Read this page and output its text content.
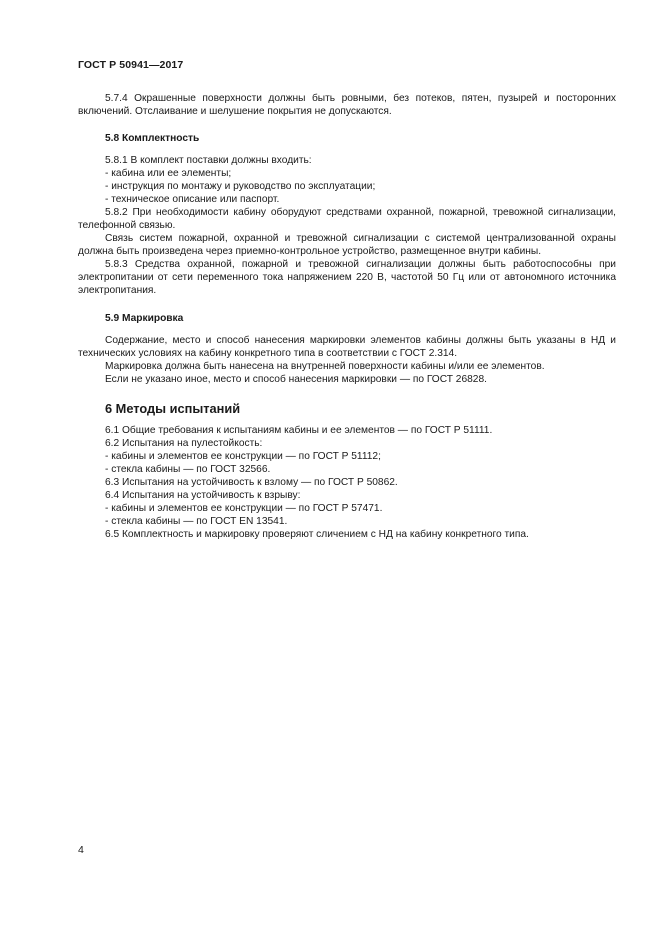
ГОСТ Р 50941—2017

5.7.4 Окрашенные поверхности должны быть ровными, без потеков, пятен, пузырей и посторонних включений. Отслаивание и шелушение покрытия не допускаются.

5.8 Комплектность

5.8.1 В комплект поставки должны входить:

- кабина или ее элементы;

- инструкция по монтажу и руководство по эксплуатации;

- техническое описание или паспорт.

5.8.2 При необходимости кабину оборудуют средствами охранной, пожарной, тревожной сигнализации, телефонной связью.

Связь систем пожарной, охранной и тревожной сигнализации с системой централизованной охраны должна быть произведена через приемно-контрольное устройство, размещенное внутри кабины.

5.8.3 Средства охранной, пожарной и тревожной сигнализации должны быть работоспособны при электропитании от сети переменного тока напряжением 220 В, частотой 50 Гц или от автономного источника электропитания.

5.9 Маркировка

Содержание, место и способ нанесения маркировки элементов кабины должны быть указаны в НД и технических условиях на кабину конкретного типа в соответствии с ГОСТ 2.314.

Маркировка должна быть нанесена на внутренней поверхности кабины и/или ее элементов.

Если не указано иное, место и способ нанесения маркировки — по ГОСТ 26828.

6 Методы испытаний

6.1 Общие требования к испытаниям кабины и ее элементов — по ГОСТ Р 51111.

6.2 Испытания на пулестойкость:

- кабины и элементов ее конструкции — по ГОСТ Р 51112;

- стекла кабины — по ГОСТ 32566.

6.3 Испытания на устойчивость к взлому — по ГОСТ Р 50862.

6.4 Испытания на устойчивость к взрыву:

- кабины и элементов ее конструкции — по ГОСТ Р 57471.

- стекла кабины — по ГОСТ EN 13541.

6.5 Комплектность и маркировку проверяют сличением с НД на кабину конкретного типа.

4
